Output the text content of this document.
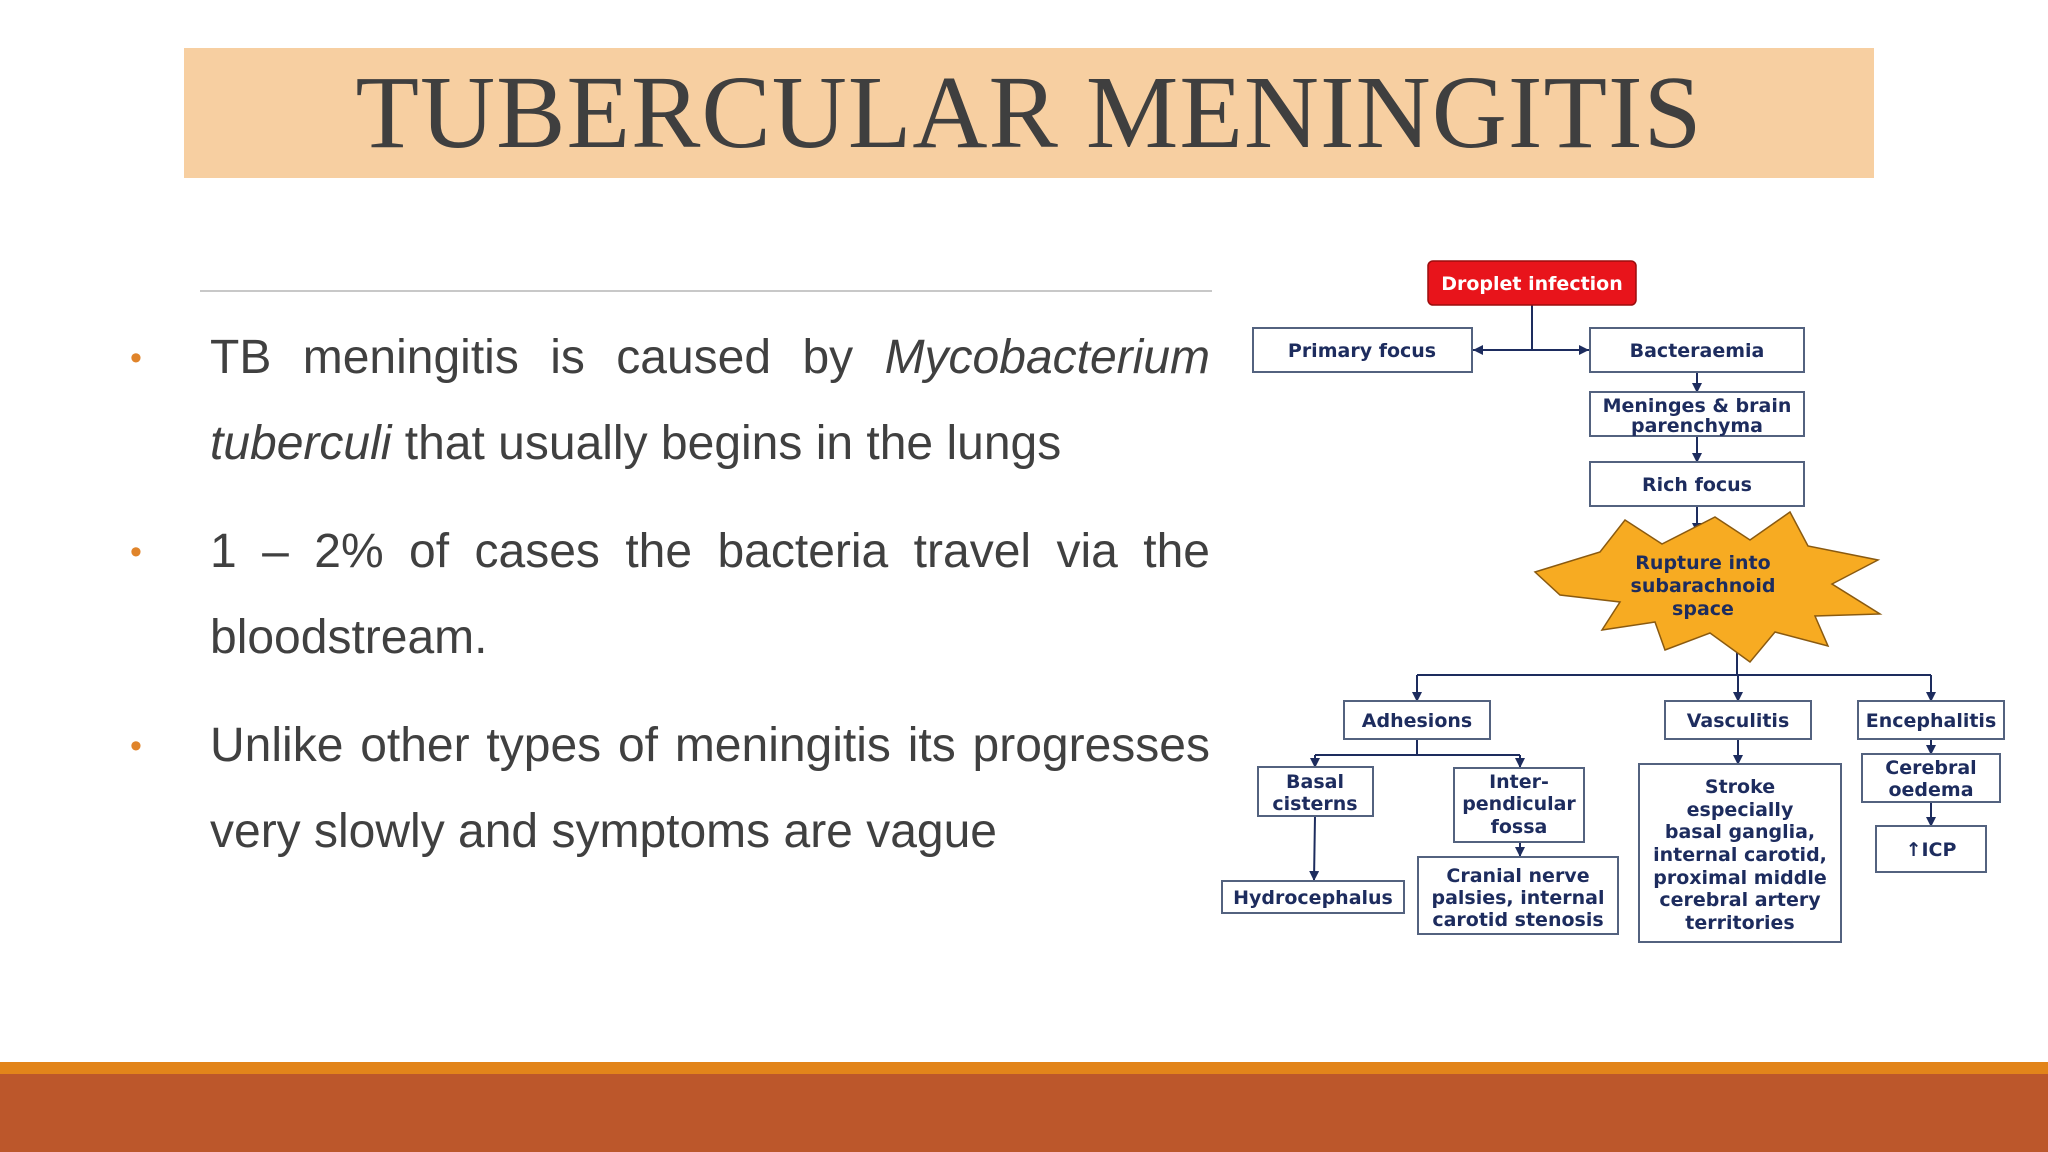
TUBERCULAR MENINGITIS
• TB meningitis is caused by Mycobacterium tuberculi that usually begins in the lungs
• 1 – 2% of cases the bacteria travel via the bloodstream.
• Unlike other types of meningitis its progresses very slowly and symptoms are vague
Droplet infection
Primary focus	Bacteraemia
Meninges & brain
parenchyma
Rich focus
Rupture into
subarachnoid
space
Adhesions	Vasculitis	Encephalitis
Basal
cisterns
Inter-
pendicular
fossa
Stroke
especially
basal ganglia,
internal carotid,
proximal middle
cerebral artery
territories
Cerebral
oedema
↑ICP
Hydrocephalus
Cranial nerve
palsies, internal
carotid stenosis
